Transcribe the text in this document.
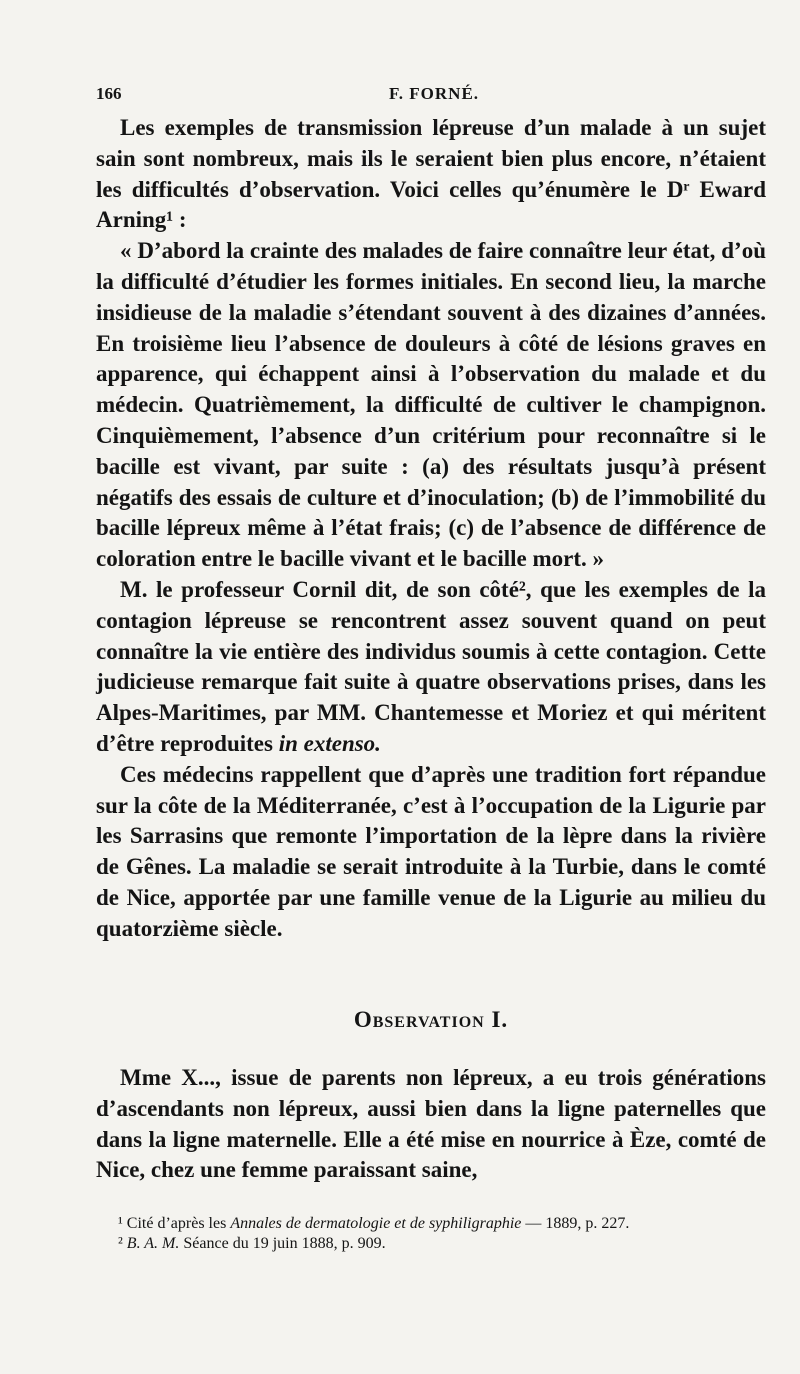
166	F. FORNÉ.

Les exemples de transmission lépreuse d’un malade à un sujet sain sont nombreux, mais ils le seraient bien plus encore, n’étaient les difficultés d’observation. Voici celles qu’énumère le Dʳ Eward Arning¹ :

« D’abord la crainte des malades de faire connaître leur état, d’où la difficulté d’étudier les formes initiales. En second lieu, la marche insidieuse de la maladie s’étendant souvent à des dizaines d’années. En troisième lieu l’absence de douleurs à côté de lésions graves en apparence, qui échappent ainsi à l’observation du malade et du médecin. Quatrièmement, la difficulté de cultiver le champignon. Cinquièmement, l’absence d’un critérium pour reconnaître si le bacille est vivant, par suite : (a) des résultats jusqu’à présent négatifs des essais de culture et d’inoculation; (b) de l’immobilité du bacille lépreux même à l’état frais; (c) de l’absence de différence de coloration entre le bacille vivant et le bacille mort. »

M. le professeur Cornil dit, de son côté², que les exemples de la contagion lépreuse se rencontrent assez souvent quand on peut connaître la vie entière des individus soumis à cette contagion. Cette judicieuse remarque fait suite à quatre observations prises, dans les Alpes-Maritimes, par MM. Chantemesse et Moriez et qui méritent d’être reproduites in extenso.

Ces médecins rappellent que d’après une tradition fort répandue sur la côte de la Méditerranée, c’est à l’occupation de la Ligurie par les Sarrasins que remonte l’importation de la lèpre dans la rivière de Gênes. La maladie se serait introduite à la Turbie, dans le comté de Nice, apportée par une famille venue de la Ligurie au milieu du quatorzième siècle.

Observation I.

Mme X..., issue de parents non lépreux, a eu trois générations d’ascendants non lépreux, aussi bien dans la ligne paternelles que dans la ligne maternelle. Elle a été mise en nourrice à Èze, comté de Nice, chez une femme paraissant saine,

¹ Cité d’après les Annales de dermatologie et de syphiligraphie — 1889, p. 227.

² B. A. M. Séance du 19 juin 1888, p. 909.
